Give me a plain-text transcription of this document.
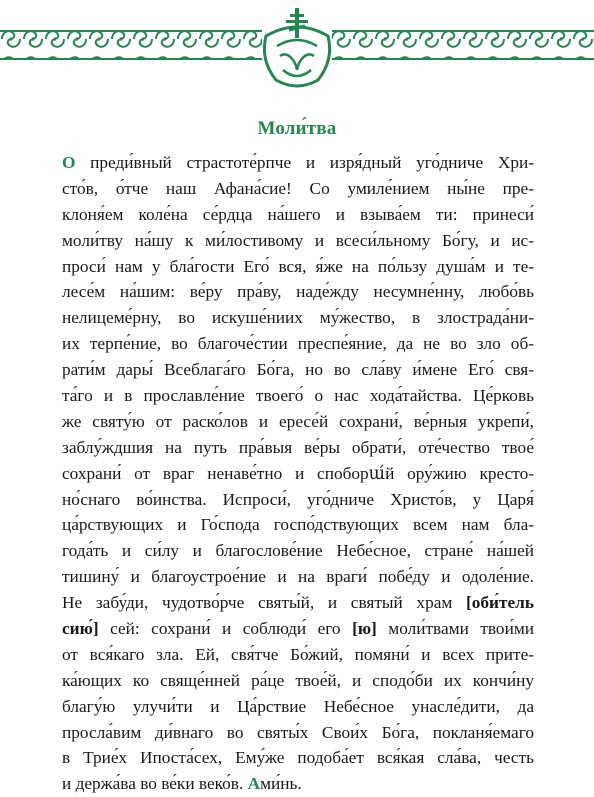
Моли́тва
О преди́вный страстоте́рпче и изря́дный уго́дниче Хри-
сто́в, о́тче наш Афана́сие! Со умиле́нием ны́не пре-
клоня́ем коле́на се́рдца на́шего и взыва́ем ти: принеси́
моли́тву на́шу к ми́лостивому и всеси́льному Бо́гу, и ис-
проси́ нам у бла́гости Его́ вся, я́же на по́льзу душа́м и те-
лесе́м на́шим: ве́ру пра́ву, наде́жду несумне́нну, любо́вь
нелицеме́рну, во искуше́ниих му́жество, в злострада́ни-
их терпе́ние, во благоче́стии преспе́яние, да не во зло об-
рати́м дары́ Всеблага́го Бо́га, но во сла́ву и́мене Его́ свя-
та́го и в прославле́ние твоего́ о нас хода́тайства. Це́рковь
же святу́ю от раско́лов и ересе́й сохрани́, ве́рныя укрепи́,
заблу́ждшия на путь пра́выя ве́ры обрати́, оте́чество твое́
сохрани́ от враг ненаве́тно и споборա́й ору́жию кресто-
но́снаго во́инства. Испроси́, уго́дниче Христо́в, у Царя́
ца́рствующих и Го́спода госпо́дствующих всем нам бла-
года́ть и си́лу и благослове́ние Небе́сное, стране́ на́шей
тишину́ и благоустрое́ние и на враги́ побе́ду и одоле́ние.
Не забу́ди, чудотво́рче святы́й, и святый храм [оби́тель
сию́] сей: сохрани́ и соблюди́ его [ю] моли́твами твои́ми
от вся́каго зла. Ей, свя́тче Бо́жий, помяни́ и всех прите-
ка́ющих ко свяще́нней ра́це твое́й, и сподо́би их кончи́ну
благу́ю улучи́ти и Ца́рствие Небе́сное унасле́дити, да
просла́вим ди́внаго во святы́х Свои́х Бо́га, покланя́емаго
в Трие́х Ипоста́сех, Ему́же подоба́ет вся́кая сла́ва, честь
и держа́ва во ве́ки веко́в. Ами́нь.
